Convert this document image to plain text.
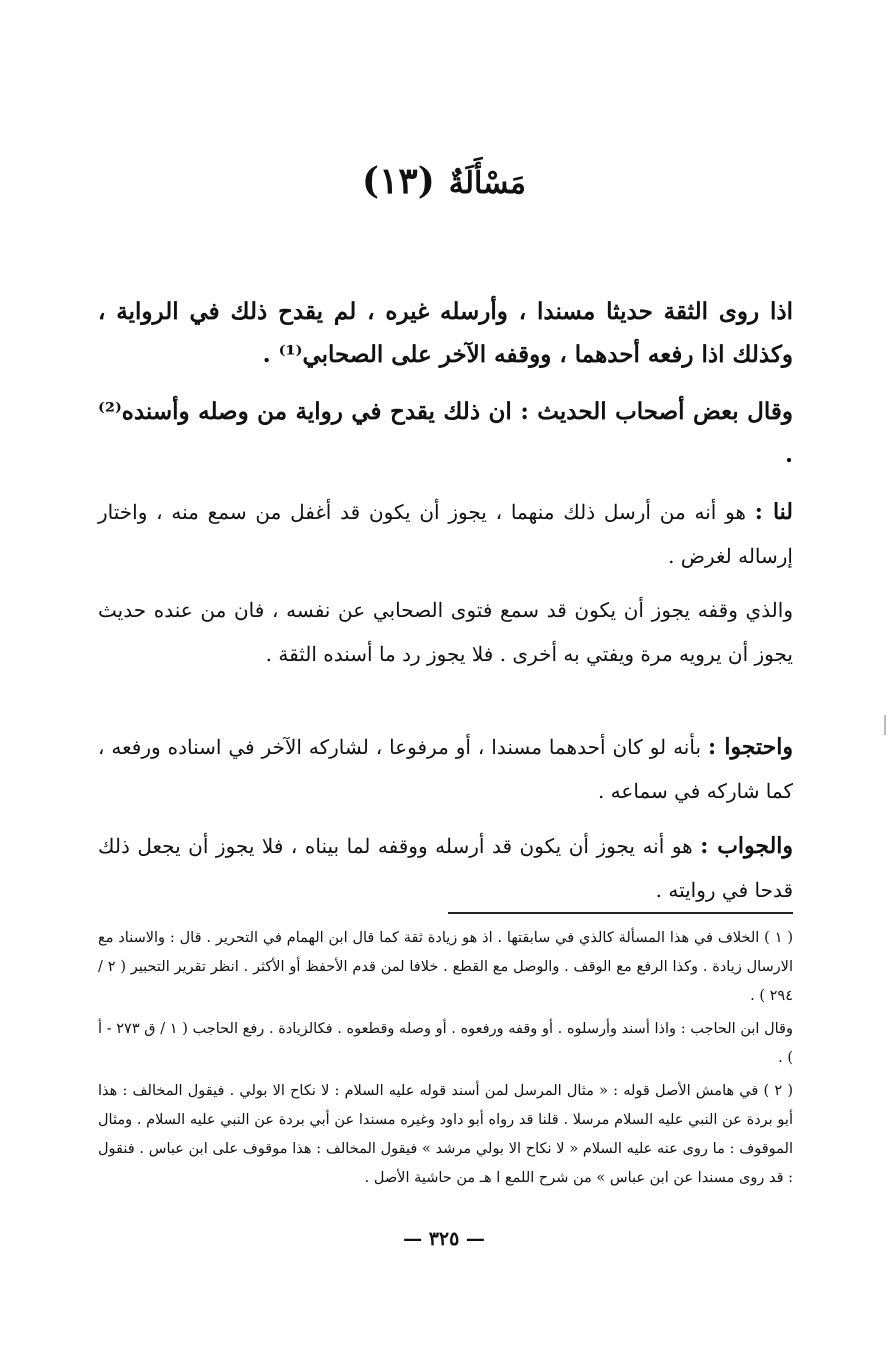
مَسْأَلَةٌ(١٣)
اذا روى الثقة حديثا مسندا ، وأرسله غيره ، لم يقدح ذلك في الرواية ، وكذلك اذا رفعه أحدهما ، ووقفه الآخر على الصحابي⁽¹⁾ .
وقال بعض أصحاب الحديث : ان ذلك يقدح في رواية من وصله وأسنده⁽²⁾ .
لنا : هو أنه من أرسل ذلك منهما ، يجوز أن يكون قد أغفل من سمع منه ، واختار إرساله لغرض .
والذي وقفه يجوز أن يكون قد سمع فتوى الصحابي عن نفسه ، فان من عنده حديث يجوز أن يرويه مرة ويفتي به أخرى . فلا يجوز رد ما أسنده الثقة .
واحتجوا : بأنه لو كان أحدهما مسندا ، أو مرفوعا ، لشاركه الآخر في اسناده ورفعه ، كما شاركه في سماعه .
والجواب : هو أنه يجوز أن يكون قد أرسله ووقفه لما بيناه ، فلا يجوز أن يجعل ذلك قدحا في روايته .
( ١ ) الخلاف في هذا المسألة كالذي في سابقتها . اذ هو زيادة ثقة كما قال ابن الهمام في التحرير . قال : والاسناد مع الارسال زيادة . وكذا الرفع مع الوقف . والوصل مع القطع . خلافا لمن قدم الأحفظ أو الأكثر . انظر تقرير التحبير ( ٢ / ٢٩٤ ) .
وقال ابن الحاجب : واذا أسند وأرسلوه . أو وقفه ورفعوه . أو وصله وقطعوه . فكالزيادة . رفع الحاجب ( ١ / ق ٢٧٣ - أ ) .
( ٢ ) في هامش الأصل قوله : « مثال المرسل لمن أسند قوله عليه السلام : لا نكاح الا بولي . فيقول المخالف : هذا أبو بردة عن النبي عليه السلام مرسلا . قلنا قد رواه أبو داود وغيره مسندا عن أبي بردة عن النبي عليه السلام . ومثال الموقوف : ما روى عنه عليه السلام « لا نكاح الا بولي مرشد » فيقول المخالف : هذا موقوف على ابن عباس . فنقول : قد روى مسندا عن ابن عباس » من شرح اللمع ا هـ من حاشية الأصل .
— ٣٢٥ —
